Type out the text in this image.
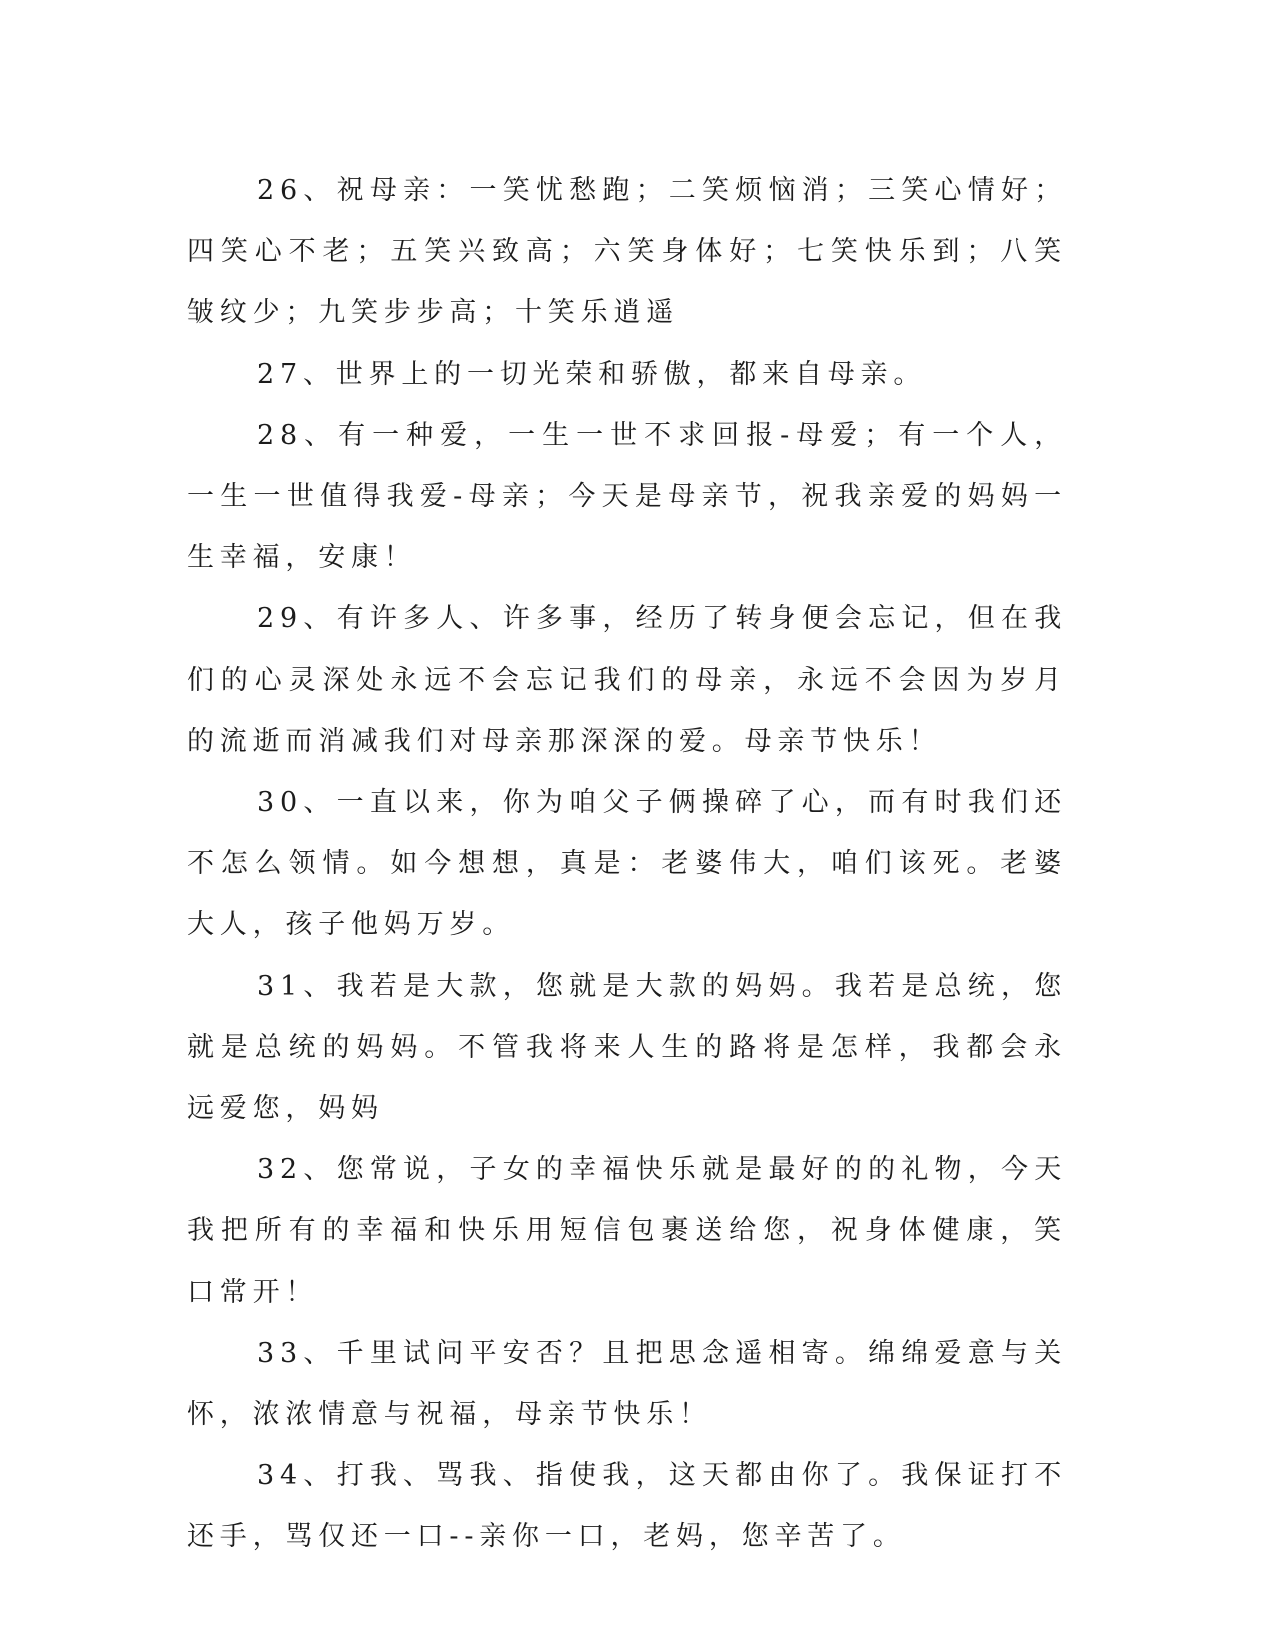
26、祝母亲：一笑忧愁跑；二笑烦恼消；三笑心情好；四笑心不老；五笑兴致高；六笑身体好；七笑快乐到；八笑皱纹少；九笑步步高；十笑乐逍遥

27、世界上的一切光荣和骄傲，都来自母亲。

28、有一种爱，一生一世不求回报-母爱；有一个人，一生一世值得我爱-母亲；今天是母亲节，祝我亲爱的妈妈一生幸福，安康！

29、有许多人、许多事，经历了转身便会忘记，但在我们的心灵深处永远不会忘记我们的母亲，永远不会因为岁月的流逝而消减我们对母亲那深深的爱。母亲节快乐！

30、一直以来，你为咱父子俩操碎了心，而有时我们还不怎么领情。如今想想，真是：老婆伟大，咱们该死。老婆大人，孩子他妈万岁。

31、我若是大款，您就是大款的妈妈。我若是总统，您就是总统的妈妈。不管我将来人生的路将是怎样，我都会永远爱您，妈妈

32、您常说，子女的幸福快乐就是最好的的礼物，今天我把所有的幸福和快乐用短信包裹送给您，祝身体健康，笑口常开！

33、千里试问平安否？且把思念遥相寄。绵绵爱意与关怀，浓浓情意与祝福，母亲节快乐！

34、打我、骂我、指使我，这天都由你了。我保证打不还手，骂仅还一口--亲你一口，老妈，您辛苦了。
